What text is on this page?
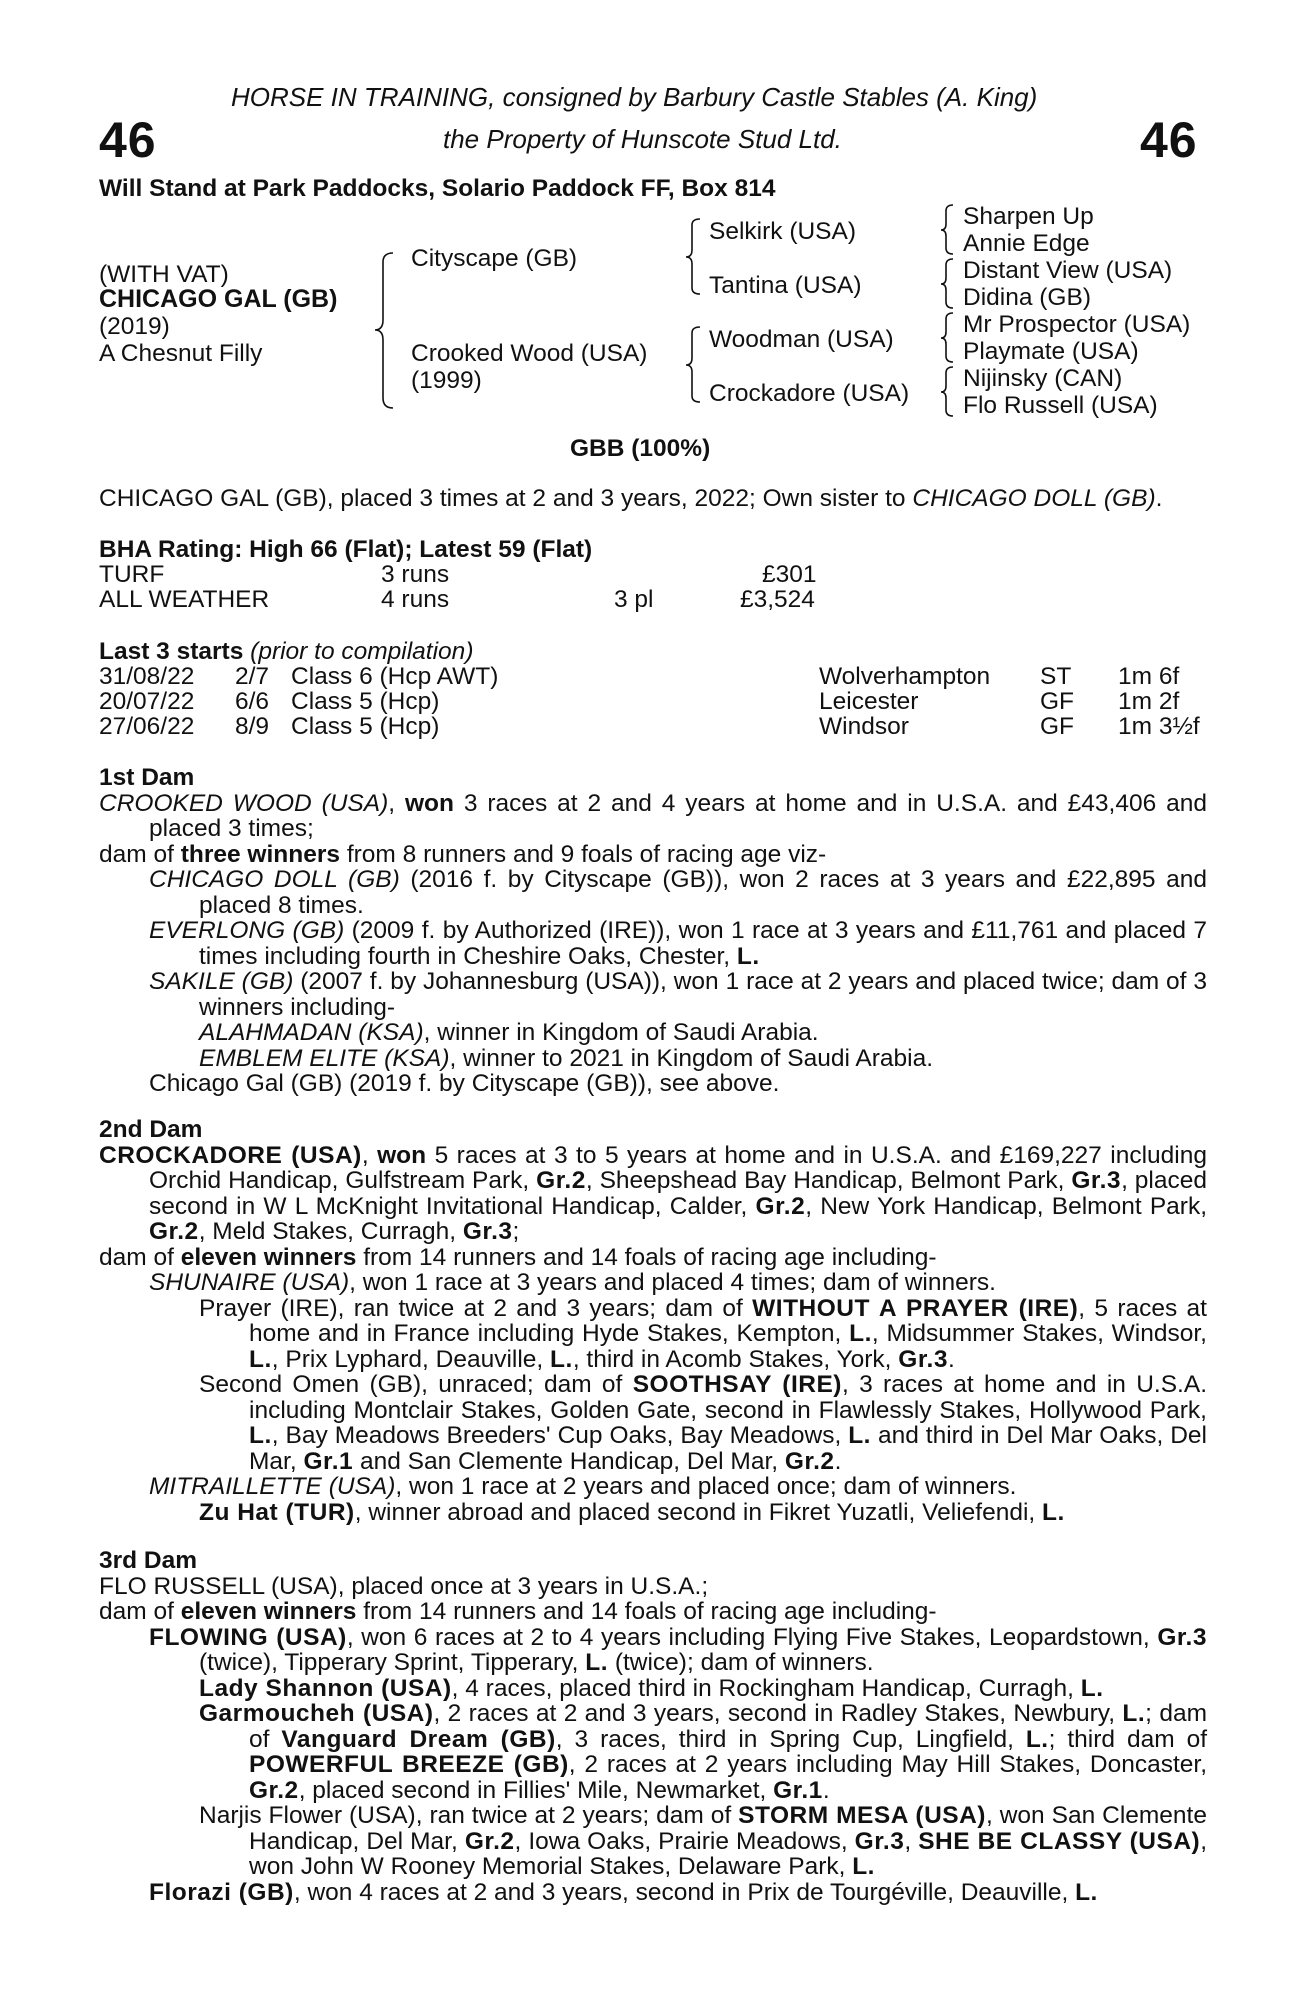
46	46
HORSE IN TRAINING, consigned by Barbury Castle Stables (A. King)
the Property of Hunscote Stud Ltd.
Will Stand at Park Paddocks, Solario Paddock FF, Box 814
(WITH VAT)
CHICAGO GAL (GB)
(2019)
A Chesnut Filly
Cityscape (GB)
Crooked Wood (USA)
(1999)
Selkirk (USA)
Tantina (USA)
Woodman (USA)
Crockadore (USA)
Sharpen Up
Annie Edge
Distant View (USA)
Didina (GB)
Mr Prospector (USA)
Playmate (USA)
Nijinsky (CAN)
Flo Russell (USA)
GBB (100%)
CHICAGO GAL (GB), placed 3 times at 2 and 3 years, 2022; Own sister to CHICAGO DOLL (GB).
BHA Rating: High 66 (Flat); Latest 59 (Flat)
TURF	3 runs	£301
ALL WEATHER	4 runs	3 pl	£3,524
Last 3 starts (prior to compilation)
31/08/22 2/7 Class 6 (Hcp AWT)	Wolverhampton ST 1m 6f
20/07/22 6/6 Class 5 (Hcp)	Leicester	GF 1m 2f
27/06/22 8/9 Class 5 (Hcp)	Windsor	GF 1m 3½f

1st Dam

CROOKED WOOD (USA), won 3 races at 2 and 4 years at home and in U.S.A. and £43,406 and placed 3 times;

dam of three winners from 8 runners and 9 foals of racing age viz-

CHICAGO DOLL (GB) (2016 f. by Cityscape (GB)), won 2 races at 3 years and £22,895 and placed 8 times.

EVERLONG (GB) (2009 f. by Authorized (IRE)), won 1 race at 3 years and £11,761 and placed 7 times including fourth in Cheshire Oaks, Chester, L.

SAKILE (GB) (2007 f. by Johannesburg (USA)), won 1 race at 2 years and placed twice; dam of 3 winners including-

ALAHMADAN (KSA), winner in Kingdom of Saudi Arabia.

EMBLEM ELITE (KSA), winner to 2021 in Kingdom of Saudi Arabia.

Chicago Gal (GB) (2019 f. by Cityscape (GB)), see above.

2nd Dam

CROCKADORE (USA), won 5 races at 3 to 5 years at home and in U.S.A. and £169,227 including Orchid Handicap, Gulfstream Park, Gr.2, Sheepshead Bay Handicap, Belmont Park, Gr.3, placed second in W L McKnight Invitational Handicap, Calder, Gr.2, New York Handicap, Belmont Park, Gr.2, Meld Stakes, Curragh, Gr.3;

dam of eleven winners from 14 runners and 14 foals of racing age including-

SHUNAIRE (USA), won 1 race at 3 years and placed 4 times; dam of winners.

Prayer (IRE), ran twice at 2 and 3 years; dam of WITHOUT A PRAYER (IRE), 5 races at home and in France including Hyde Stakes, Kempton, L., Midsummer Stakes, Windsor, L., Prix Lyphard, Deauville, L., third in Acomb Stakes, York, Gr.3.

Second Omen (GB), unraced; dam of SOOTHSAY (IRE), 3 races at home and in U.S.A. including Montclair Stakes, Golden Gate, second in Flawlessly Stakes, Hollywood Park, L., Bay Meadows Breeders' Cup Oaks, Bay Meadows, L. and third in Del Mar Oaks, Del Mar, Gr.1 and San Clemente Handicap, Del Mar, Gr.2.

MITRAILLETTE (USA), won 1 race at 2 years and placed once; dam of winners.

Zu Hat (TUR), winner abroad and placed second in Fikret Yuzatli, Veliefendi, L.

3rd Dam

FLO RUSSELL (USA), placed once at 3 years in U.S.A.;

dam of eleven winners from 14 runners and 14 foals of racing age including-

FLOWING (USA), won 6 races at 2 to 4 years including Flying Five Stakes, Leopardstown, Gr.3 (twice), Tipperary Sprint, Tipperary, L. (twice); dam of winners.

Lady Shannon (USA), 4 races, placed third in Rockingham Handicap, Curragh, L.

Garmoucheh (USA), 2 races at 2 and 3 years, second in Radley Stakes, Newbury, L.; dam of Vanguard Dream (GB), 3 races, third in Spring Cup, Lingfield, L.; third dam of POWERFUL BREEZE (GB), 2 races at 2 years including May Hill Stakes, Doncaster, Gr.2, placed second in Fillies' Mile, Newmarket, Gr.1.

Narjis Flower (USA), ran twice at 2 years; dam of STORM MESA (USA), won San Clemente Handicap, Del Mar, Gr.2, Iowa Oaks, Prairie Meadows, Gr.3, SHE BE CLASSY (USA), won John W Rooney Memorial Stakes, Delaware Park, L.

Florazi (GB), won 4 races at 2 and 3 years, second in Prix de Tourgéville, Deauville, L.
